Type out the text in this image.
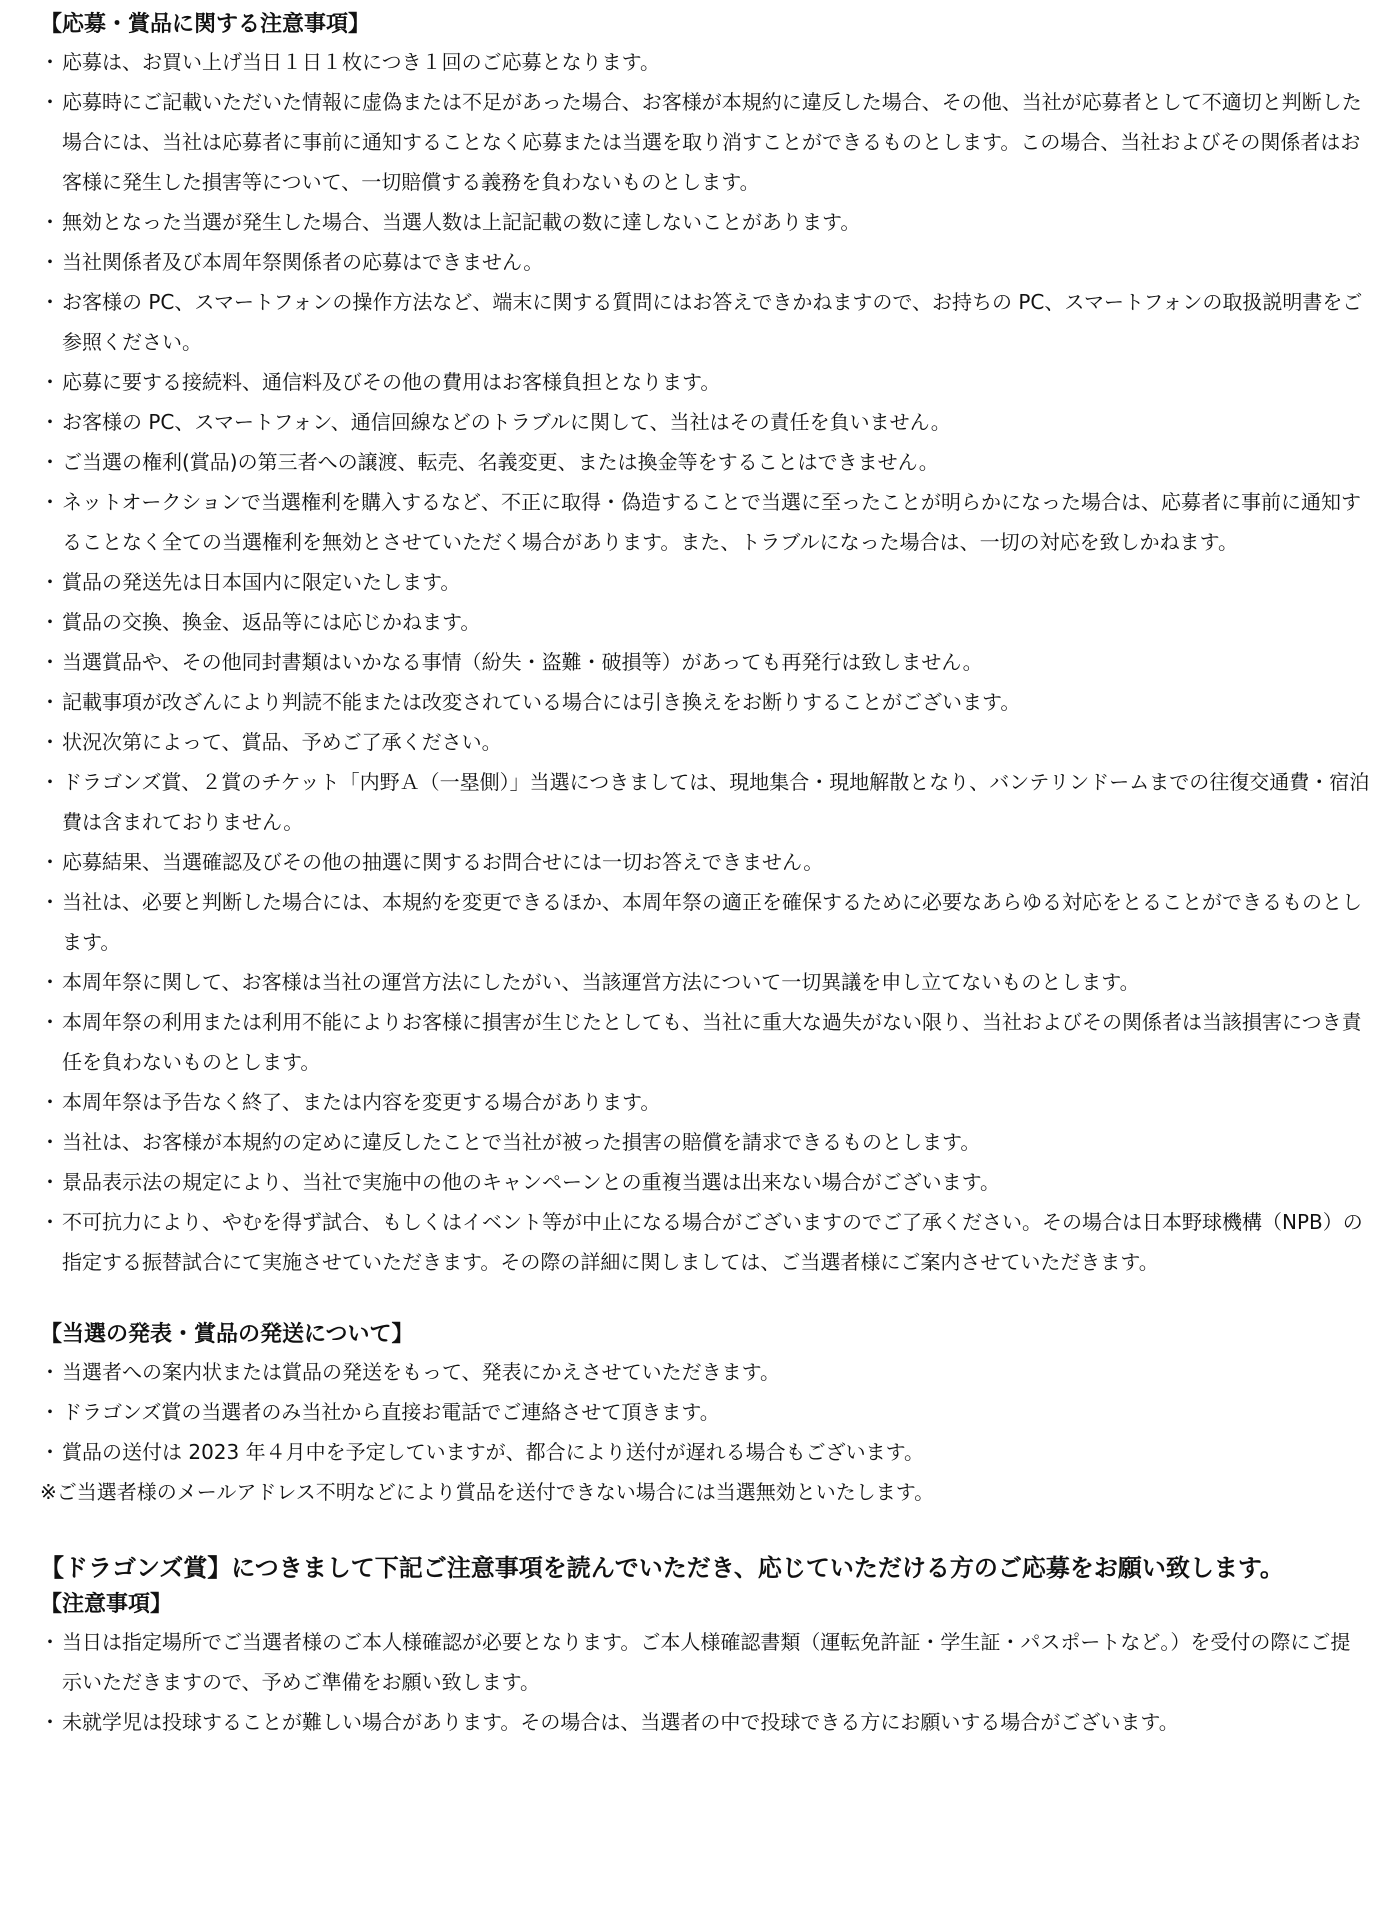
【応募・賞品に関する注意事項】
・ 応募は、お買い上げ当日１日１枚につき１回のご応募となります。
・ 応募時にご記載いただいた情報に虚偽または不足があった場合、お客様が本規約に違反した場合、その他、当社が応募者として不適切と判断した場合には、当社は応募者に事前に通知することなく応募または当選を取り消すことができるものとします。この場合、当社およびその関係者はお客様に発生した損害等について、一切賠償する義務を負わないものとします。
・ 無効となった当選が発生した場合、当選人数は上記記載の数に達しないことがあります。
・ 当社関係者及び本周年祭関係者の応募はできません。
・ お客様の PC、スマートフォンの操作方法など、端末に関する質問にはお答えできかねますので、お持ちの PC、スマートフォンの取扱説明書をご参照ください。
・ 応募に要する接続料、通信料及びその他の費用はお客様負担となります。
・ お客様の PC、スマートフォン、通信回線などのトラブルに関して、当社はその責任を負いません。
・ ご当選の権利(賞品)の第三者への譲渡、転売、名義変更、または換金等をすることはできません。
・ ネットオークションで当選権利を購入するなど、不正に取得・偽造することで当選に至ったことが明らかになった場合は、応募者に事前に通知することなく全ての当選権利を無効とさせていただく場合があります。また、トラブルになった場合は、一切の対応を致しかねます。
・ 賞品の発送先は日本国内に限定いたします。
・ 賞品の交換、換金、返品等には応じかねます。
・ 当選賞品や、その他同封書類はいかなる事情（紛失・盗難・破損等）があっても再発行は致しません。
・ 記載事項が改ざんにより判読不能または改変されている場合には引き換えをお断りすることがございます。
・ 状況次第によって、賞品、予めご了承ください。
・ ドラゴンズ賞、２賞のチケット「内野Ａ（一塁側）」当選につきましては、現地集合・現地解散となり、バンテリンドームまでの往復交通費・宿泊費は含まれておりません。
・ 応募結果、当選確認及びその他の抽選に関するお問合せには一切お答えできません。
・ 当社は、必要と判断した場合には、本規約を変更できるほか、本周年祭の適正を確保するために必要なあらゆる対応をとることができるものとします。
・ 本周年祭に関して、お客様は当社の運営方法にしたがい、当該運営方法について一切異議を申し立てないものとします。
・ 本周年祭の利用または利用不能によりお客様に損害が生じたとしても、当社に重大な過失がない限り、当社およびその関係者は当該損害につき責任を負わないものとします。
・ 本周年祭は予告なく終了、または内容を変更する場合があります。
・ 当社は、お客様が本規約の定めに違反したことで当社が被った損害の賠償を請求できるものとします。
・ 景品表示法の規定により、当社で実施中の他のキャンペーンとの重複当選は出来ない場合がございます。
・ 不可抗力により、やむを得ず試合、もしくはイベント等が中止になる場合がございますのでご了承ください。その場合は日本野球機構（NPB）の指定する振替試合にて実施させていただきます。その際の詳細に関しましては、ご当選者様にご案内させていただきます。
【当選の発表・賞品の発送について】
・ 当選者への案内状または賞品の発送をもって、発表にかえさせていただきます。
・ ドラゴンズ賞の当選者のみ当社から直接お電話でご連絡させて頂きます。
・ 賞品の送付は 2023 年４月中を予定していますが、都合により送付が遅れる場合もございます。

※ご当選者様のメールアドレス不明などにより賞品を送付できない場合には当選無効といたします。

【ドラゴンズ賞】につきまして下記ご注意事項を読んでいただき、応じていただける方のご応募をお願い致します。
【注意事項】
・ 当日は指定場所でご当選者様のご本人様確認が必要となります。ご本人様確認書類（運転免許証・学生証・パスポートなど。）を受付の際にご提示いただきますので、予めご準備をお願い致します。
・ 未就学児は投球することが難しい場合があります。その場合は、当選者の中で投球できる方にお願いする場合がございます。
